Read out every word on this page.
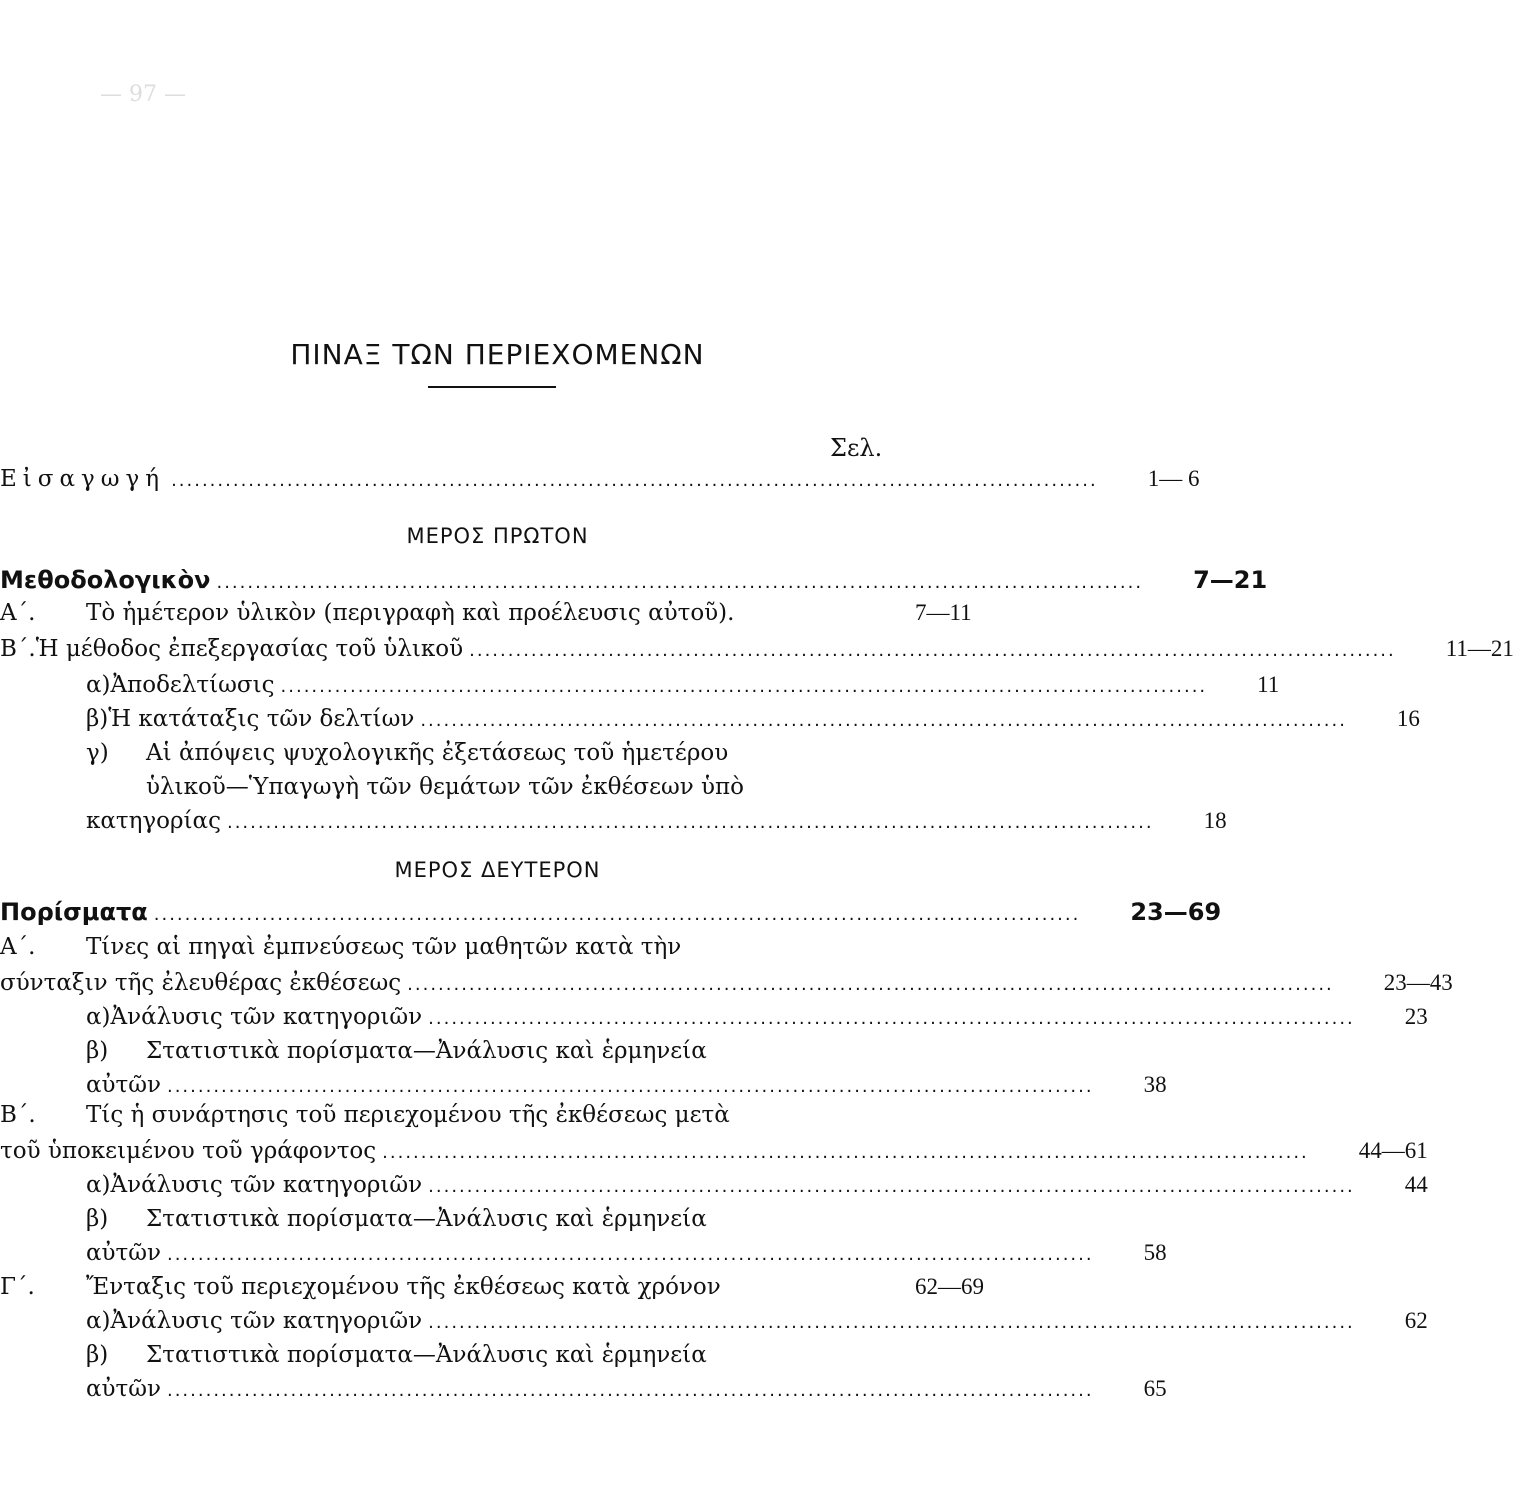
— 97 —
ΠΙΝΑΞ ΤΩΝ ΠΕΡΙΕΧΟΜΕΝΩΝ
Σελ.
Εἰσαγωγή ........................................................................................................................ 1— 6
ΜΕΡΟΣ ΠΡΩΤΟΝ
Μεθοδολογικὸν ........................................................................................................................ 7—21
Α΄.	Τὸ ἡμέτερον ὑλικὸν (περιγραφὴ καὶ προέλευσις αὐτοῦ).	7—11
Β΄. Ἡ μέθοδος ἐπεξεργασίας τοῦ ὑλικοῦ ........................................................................................................................ 11—21
α) Ἀποδελτίωσις ........................................................................................................................ 11
β) Ἡ κατάταξις τῶν δελτίων ........................................................................................................................ 16
γ)	Αἱ ἀπόψεις ψυχολογικῆς ἐξετάσεως τοῦ ἡμετέρου
ὑλικοῦ—Ὑπαγωγὴ τῶν θεμάτων τῶν ἐκθέσεων ὑπὸ
κατηγορίας ........................................................................................................................ 18
ΜΕΡΟΣ ΔΕΥΤΕΡΟΝ
Πορίσματα ........................................................................................................................ 23—69
Α΄.	Τίνες αἱ πηγαὶ ἐμπνεύσεως τῶν μαθητῶν κατὰ τὴν
σύνταξιν τῆς ἐλευθέρας ἐκθέσεως ........................................................................................................................ 23—43
α) Ἀνάλυσις τῶν κατηγοριῶν ........................................................................................................................ 23
β)	Στατιστικὰ πορίσματα—Ἀνάλυσις καὶ ἑρμηνεία
αὐτῶν ........................................................................................................................ 38
Β΄.	Τίς ἡ συνάρτησις τοῦ περιεχομένου τῆς ἐκθέσεως μετὰ
τοῦ ὑποκειμένου τοῦ γράφοντος ........................................................................................................................ 44—61
α) Ἀνάλυσις τῶν κατηγοριῶν ........................................................................................................................ 44
β)	Στατιστικὰ πορίσματα—Ἀνάλυσις καὶ ἑρμηνεία
αὐτῶν ........................................................................................................................ 58
Γ΄.	Ἔνταξις τοῦ περιεχομένου τῆς ἐκθέσεως κατὰ χρόνον	62—69
α) Ἀνάλυσις τῶν κατηγοριῶν ........................................................................................................................ 62
β)	Στατιστικὰ πορίσματα—Ἀνάλυσις καὶ ἑρμηνεία
αὐτῶν ........................................................................................................................ 65
